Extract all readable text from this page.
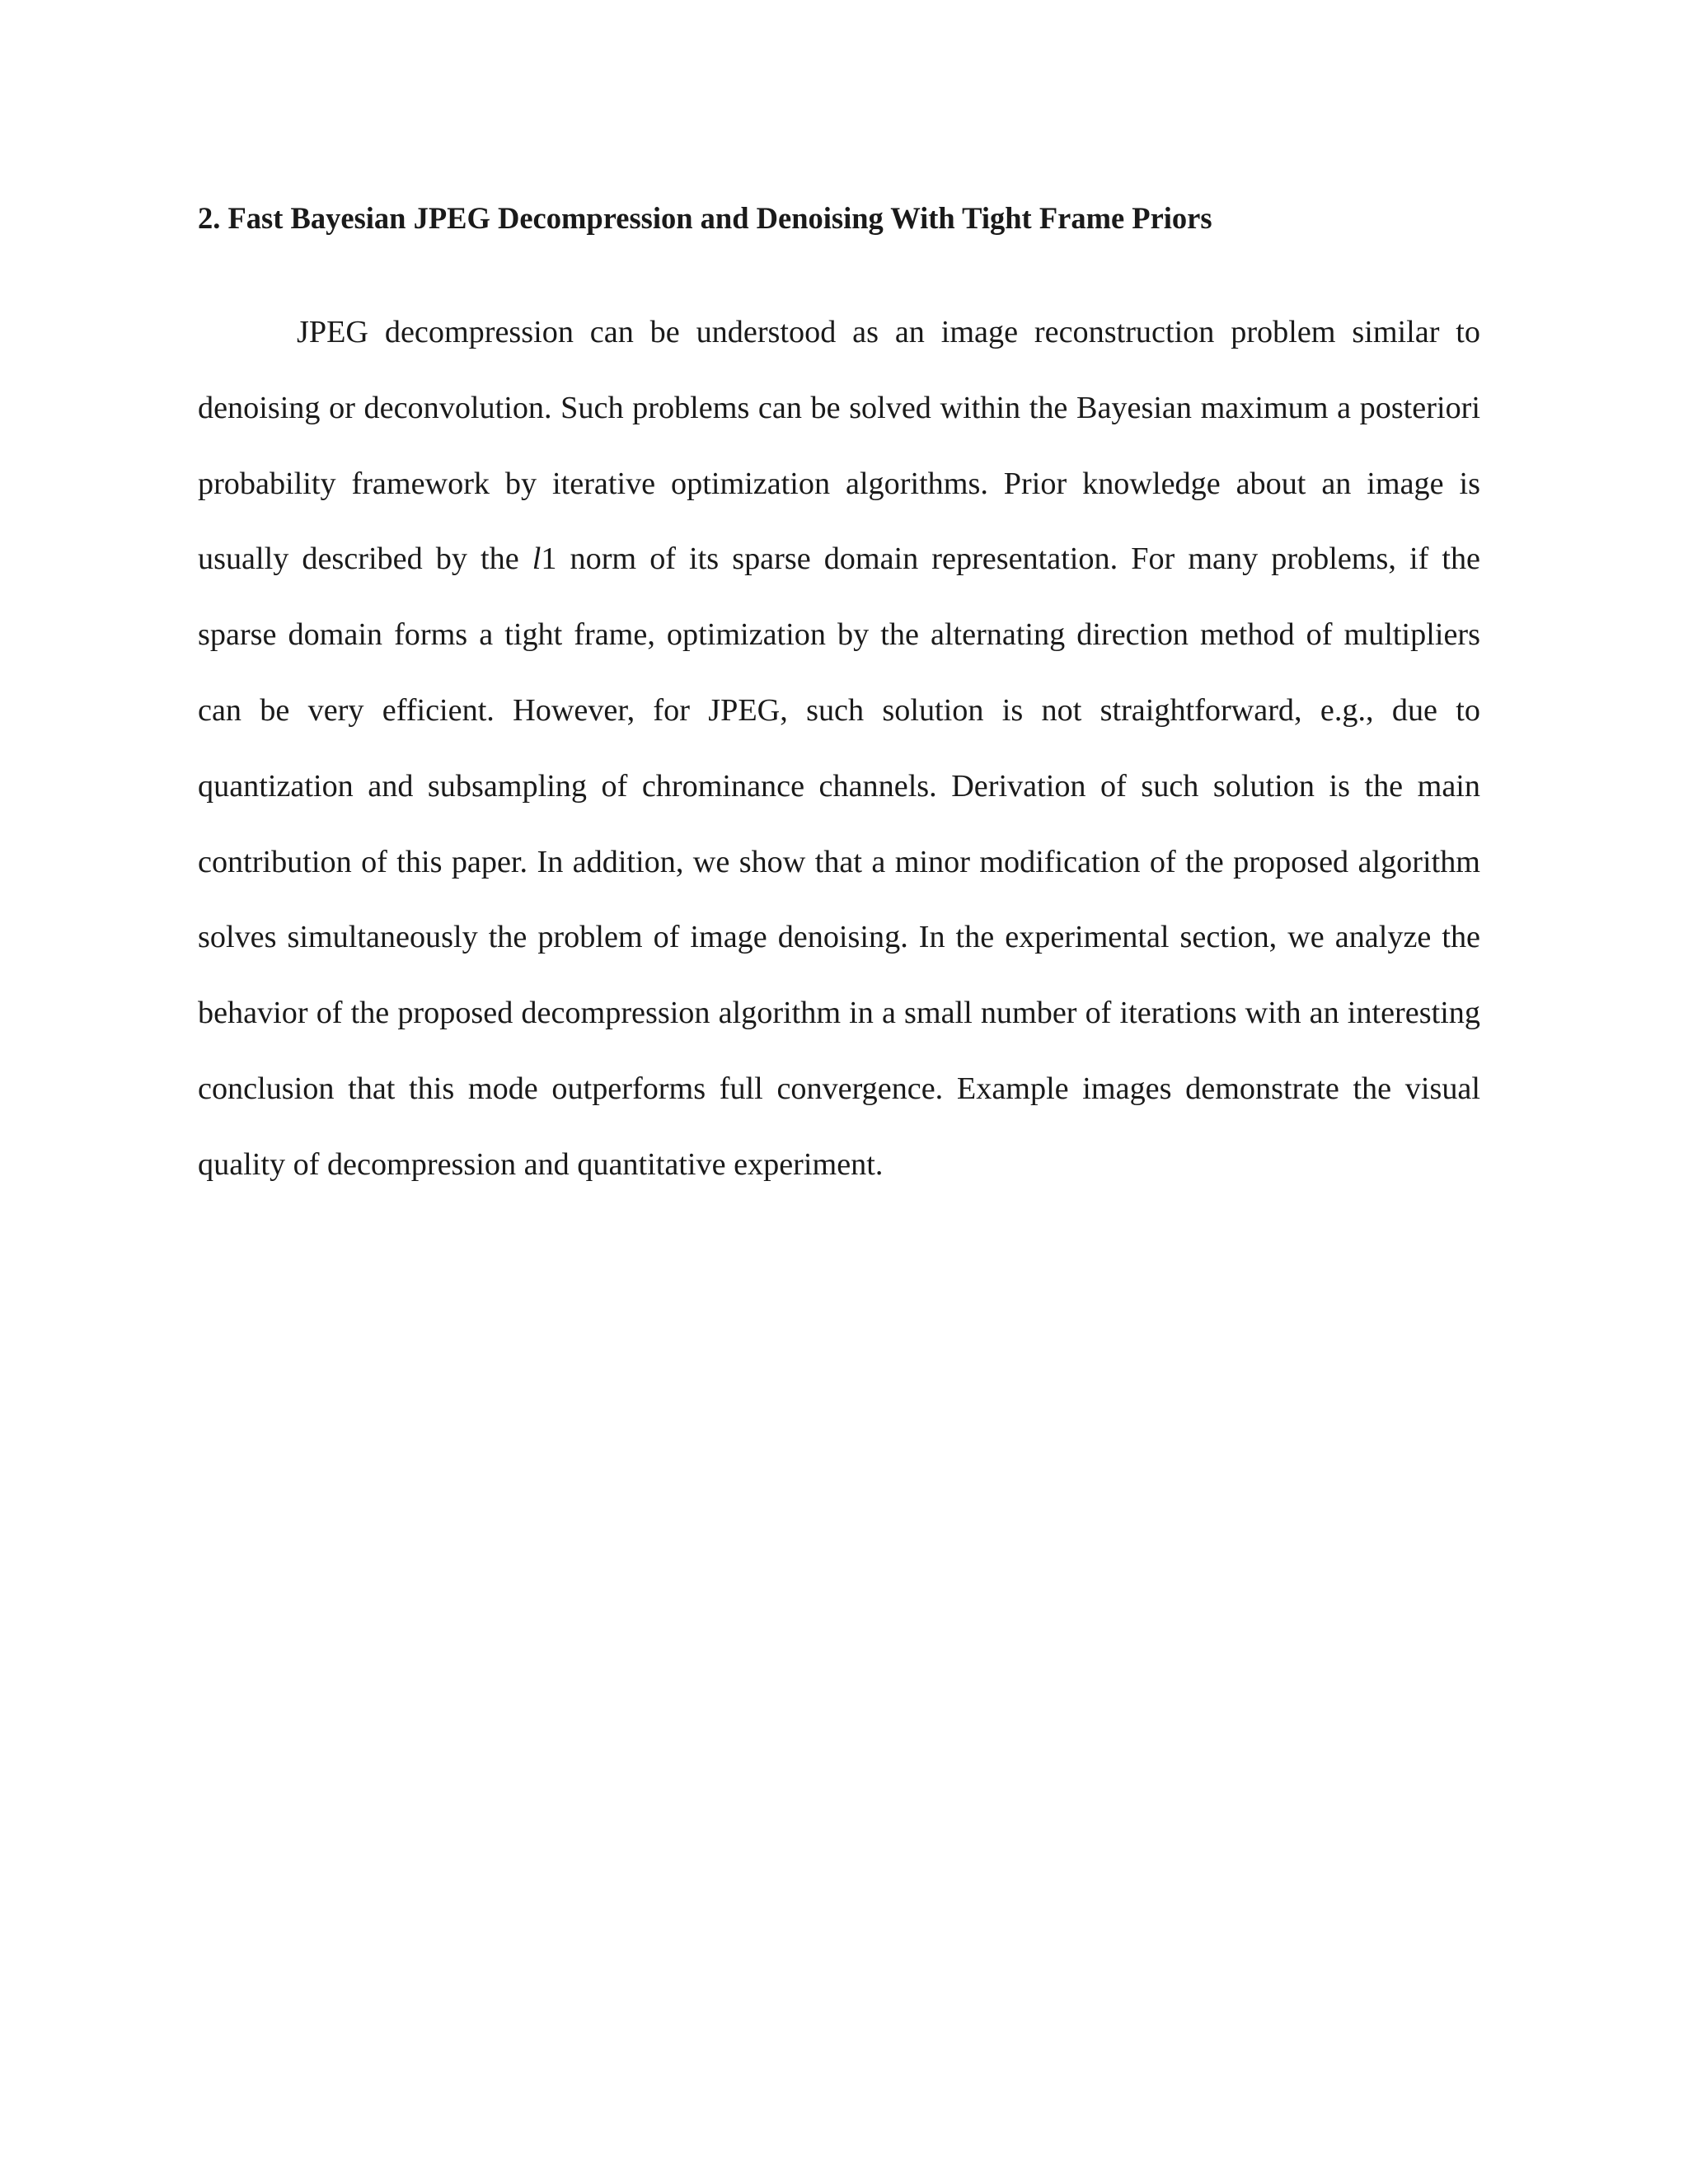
2. Fast Bayesian JPEG Decompression and Denoising With Tight Frame Priors

JPEG decompression can be understood as an image reconstruction problem similar to denoising or deconvolution. Such problems can be solved within the Bayesian maximum a posteriori probability framework by iterative optimization algorithms. Prior knowledge about an image is usually described by the l1 norm of its sparse domain representation. For many problems, if the sparse domain forms a tight frame, optimization by the alternating direction method of multipliers can be very efficient. However, for JPEG, such solution is not straightforward, e.g., due to quantization and subsampling of chrominance channels. Derivation of such solution is the main contribution of this paper. In addition, we show that a minor modification of the proposed algorithm solves simultaneously the problem of image denoising. In the experimental section, we analyze the behavior of the proposed decompression algorithm in a small number of iterations with an interesting conclusion that this mode outperforms full convergence. Example images demonstrate the visual quality of decompression and quantitative experiment.
